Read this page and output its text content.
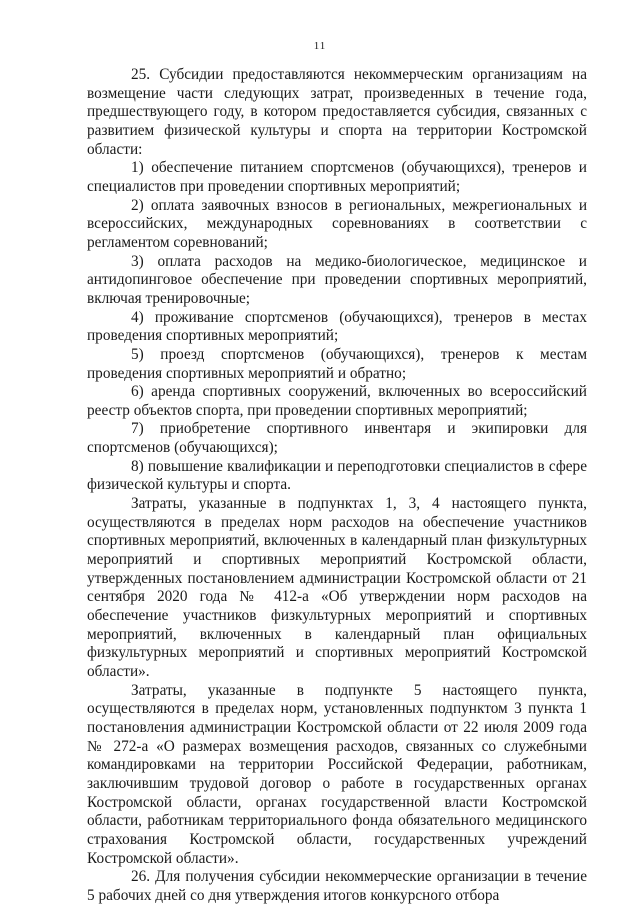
11

25. Субсидии предоставляются некоммерческим организациям на возмещение части следующих затрат, произведенных в течение года, предшествующего году, в котором предоставляется субсидия, связанных с развитием физической культуры и спорта на территории Костромской области:

1) обеспечение питанием спортсменов (обучающихся), тренеров и специалистов при проведении спортивных мероприятий;

2) оплата заявочных взносов в региональных, межрегиональных и всероссийских, международных соревнованиях в соответствии с регламентом соревнований;

3) оплата расходов на медико-биологическое, медицинское и антидопинговое обеспечение при проведении спортивных мероприятий, включая тренировочные;

4) проживание спортсменов (обучающихся), тренеров в местах проведения спортивных мероприятий;

5) проезд спортсменов (обучающихся), тренеров к местам проведения спортивных мероприятий и обратно;

6) аренда спортивных сооружений, включенных во всероссийский реестр объектов спорта, при проведении спортивных мероприятий;

7) приобретение спортивного инвентаря и экипировки для спортсменов (обучающихся);

8) повышение квалификации и переподготовки специалистов в сфере физической культуры и спорта.

Затраты, указанные в подпунктах 1, 3, 4 настоящего пункта, осуществляются в пределах норм расходов на обеспечение участников спортивных мероприятий, включенных в календарный план физкультурных мероприятий и спортивных мероприятий Костромской области, утвержденных постановлением администрации Костромской области от 21 сентября 2020 года № 412-а «Об утверждении норм расходов на обеспечение участников физкультурных мероприятий и спортивных мероприятий, включенных в календарный план официальных физкультурных мероприятий и спортивных мероприятий Костромской области».

Затраты, указанные в подпункте 5 настоящего пункта, осуществляются в пределах норм, установленных подпунктом 3 пункта 1 постановления администрации Костромской области от 22 июля 2009 года № 272-а «О размерах возмещения расходов, связанных со служебными командировками на территории Российской Федерации, работникам, заключившим трудовой договор о работе в государственных органах Костромской области, органах государственной власти Костромской области, работникам территориального фонда обязательного медицинского страхования Костромской области, государственных учреждений Костромской области».

26. Для получения субсидии некоммерческие организации в течение 5 рабочих дней со дня утверждения итогов конкурсного отбора
